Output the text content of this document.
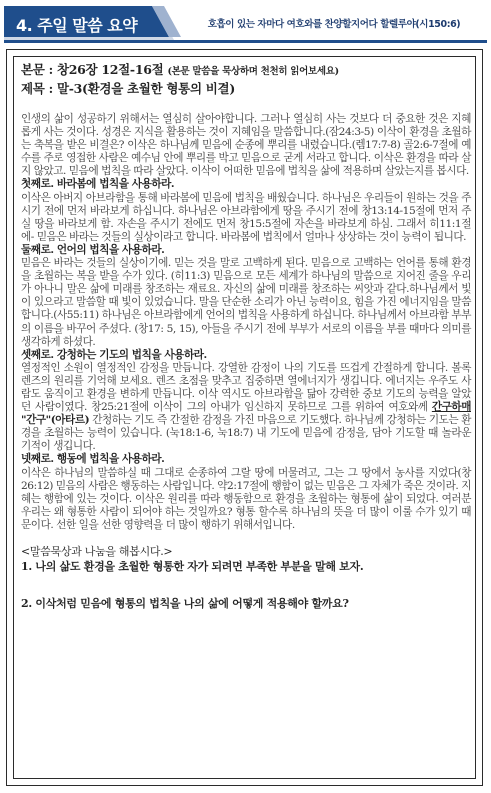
4. 주일 말씀 요약	호흡이 있는 자마다 여호와를 찬양할지어다 할렐루야(시150:6)
본문 : 창26장 12절-16절 (본문 말씀을 묵상하며 천천히 읽어보세요)
제목 : 말-3(환경을 초월한 형통의 비결)

인생의 삶이 성공하기 위해서는 열심히 살아야합니다. 그러나 열심히 사는 것보다 더 중요한 것은 지혜롭게 사는 것이다. 성경은 지식을 활용하는 것이 지혜임을 말씀합니다.(잠24:3-5) 이삭이 환경을 초월하는 축복을 받은 비결은? 이삭은 하나님께 믿음에 순종에 뿌리를 내렸습니다.(렘17:7-8) 골2:6-7절에 예수를 주로 영접한 사람은 예수님 안에 뿌리를 박고 믿음으로 굳게 서라고 합니다. 이삭은 환경을 따라 살지 않았고. 믿음에 법칙을 따라 살았다. 이삭이 어떠한 믿음에 법칙을 삶에 적용하며 살았는지를 봅시다.

첫째로. 바라봄에 법칙을 사용하라.

이삭은 아버지 아브라함을 통해 바라봄에 믿음에 법칙을 배웠습니다. 하나님은 우리들이 원하는 것을 주시기 전에 먼저 바라보게 하십니다. 하나님은 아브라함에게 땅을 주시기 전에 창13:14-15절에 먼저 주실 땅을 바라보게 함. 자손을 주시기 전에도 먼저 창15:5절에 자손을 바라보게 하심. 그래서 히11:1절에- 믿음은 바라는 것들의 실상이라고 합니다. 바라봄에 법칙에서 얼마나 상상하는 것이 능력이 됩니다.

둘째로. 언어의 법칙을 사용하라.

믿음은 바라는 것들의 실상이기에. 믿는 것을 말로 고백하게 된다. 믿음으로 고백하는 언어를 통해 환경을 초월하는 복을 받을 수가 있다. (히11:3) 믿음으로 모든 세계가 하나님의 말씀으로 지어진 줄을 우리가 아나니 말은 삶에 미래를 창조하는 재료요. 자신의 삶에 미래를 창조하는 씨앗과 같다.하나님께서 빛이 있으라고 말씀할 때 빛이 있었습니다. 말을 단순한 소리가 아닌 능력이요, 힘을 가진 에너지임을 말씀합니다.(사55:11) 하나님은 아브라함에게 언어의 법칙을 사용하게 하십니다. 하나님께서 아브라함 부부의 이름을 바꾸어 주셨다. (창17: 5, 15), 아들을 주시기 전에 부부가 서로의 이름을 부를 때마다 의미를 생각하게 하셨다.

셋째로. 강청하는 기도의 법칙을 사용하라.

열정적인 소원이 열정적인 감정을 만듭니다. 강열한 감정이 나의 기도를 뜨겁게 간절하게 합니다. 볼록렌즈의 원리를 기억해 보세요. 렌즈 초점을 맞추고 집중하면 열에너지가 생깁니다. 에너지는 우주도 사람도 움직이고 환경을 변하게 만듭니다. 이삭 역시도 아브라함을 닮아 강력한 중보 기도의 능력을 알았던 사람이였다. 창25:21절에 이삭이 그의 아내가 임신하지 못하므로 그를 위하여 여호와께 간구하매 "간구"(아타르) 간청하는 기도 즉 간절한 감정을 가진 마음으로 기도했다. 하나님께 강청하는 기도는 환경을 초월하는 능력이 있습니다. (눅18:1-6, 눅18:7) 내 기도에 믿음에 감정을, 담아 기도할 때 놀라운 기적이 생깁니다.

넷째로. 행동에 법칙을 사용하라.

이삭은 하나님의 말씀하실 때 그대로 순종하여 그랄 땅에 머물려고, 그는 그 땅에서 농사를 지었다(창26:12) 믿음의 사람은 행동하는 사람입니다. 약2:17절에 행함이 없는 믿음은 그 자체가 죽은 것이라. 지혜는 행함에 있는 것이다. 이삭은 원리를 따라 행동함으로 환경을 초월하는 형통에 삶이 되었다. 여러분 우리는 왜 형통한 사람이 되어야 하는 것일까요? 형통 할수록 하나님의 뜻을 더 많이 이룰 수가 있기 때문이다. 선한 일을 선한 영향력을 더 많이 행하기 위해서입니다.

<말씀묵상과 나눔을 해봅시다.>
1. 나의 삶도 환경을 초월한 형통한 자가 되려면 부족한 부분을 말해 보자.
2. 이삭처럼 믿음에 형통의 법칙을 나의 삶에 어떻게 적용해야 할까요?
